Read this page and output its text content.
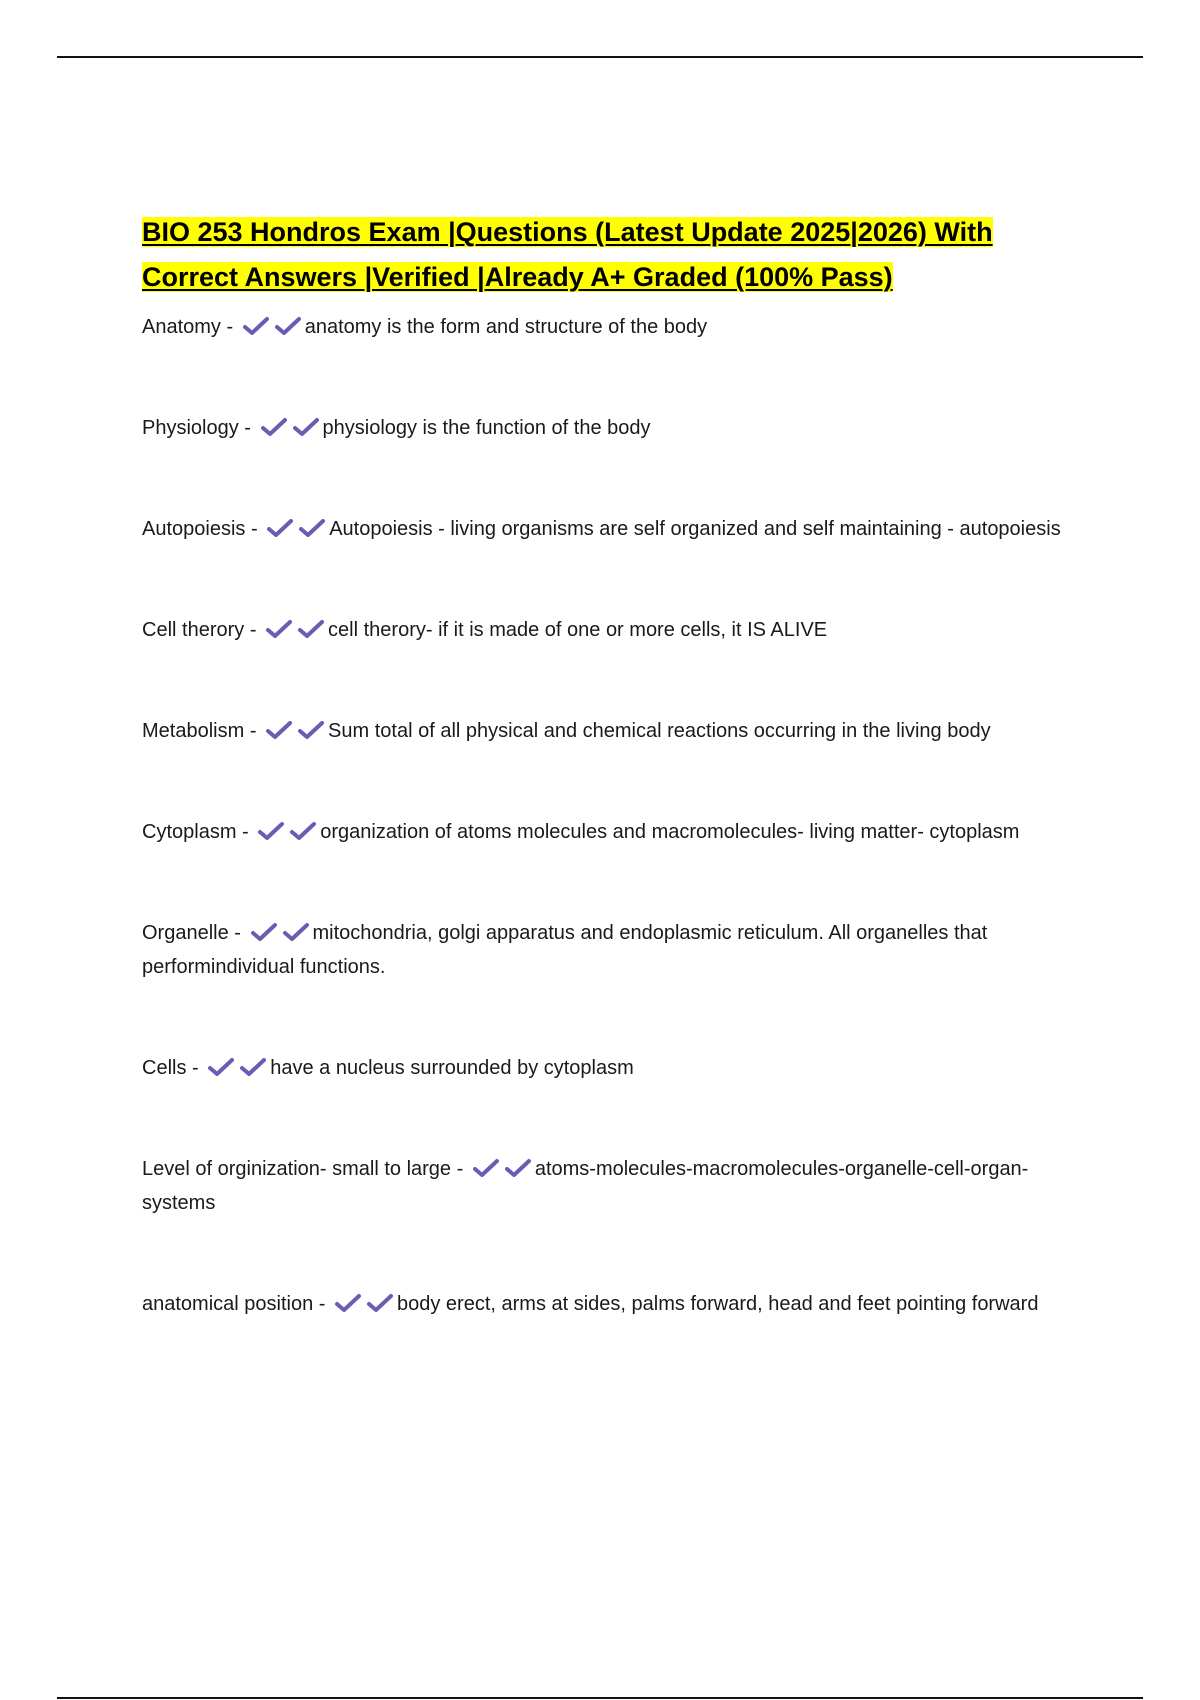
BIO 253 Hondros Exam |Questions (Latest Update 2025|2026) With Correct Answers |Verified |Already A+ Graded (100% Pass)
Anatomy -	anatomy is the form and structure of the body
Physiology -	physiology is the function of the body
Autopoiesis -	Autopoiesis - living organisms are self organized and self maintaining - autopoiesis
Cell therory -	cell therory- if it is made of one or more cells, it IS ALIVE
Metabolism -	Sum total of all physical and chemical reactions occurring in the living body
Cytoplasm -	organization of atoms molecules and macromolecules- living matter- cytoplasm
Organelle -	mitochondria, golgi apparatus and endoplasmic reticulum. All organelles that performindividual functions.
Cells -	have a nucleus surrounded by cytoplasm
Level of orginization- small to large -	atoms-molecules-macromolecules-organelle-cell-organ-systems
anatomical position -	body erect, arms at sides, palms forward, head and feet pointing forward
